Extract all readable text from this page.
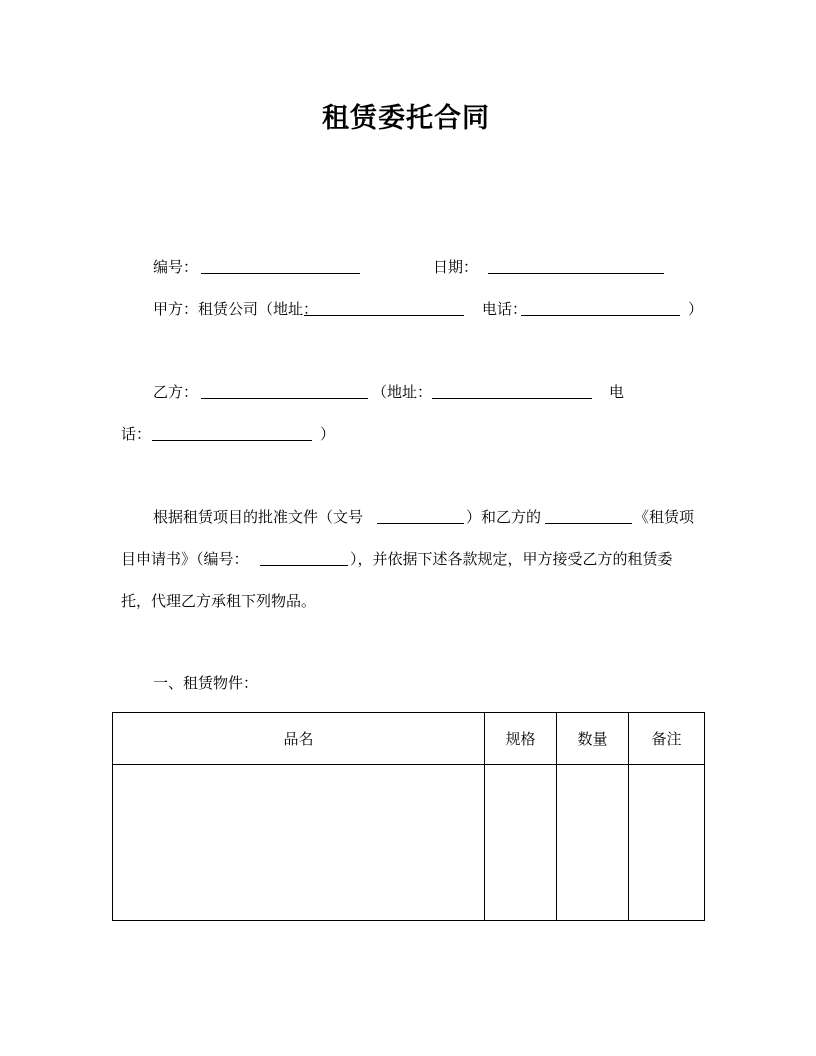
租赁委托合同
编号：	日期：
甲方：租赁公司（地址：	电话：	）
乙方：	（地址：	电
话：	）
根据租赁项目的批准文件（文号	）和乙方的	《租赁项
目申请书》（编号：	），并依据下述各款规定，甲方接受乙方的租赁委
托，代理乙方承租下列物品。
一、租赁物件：
品名	规格	数量	备注
